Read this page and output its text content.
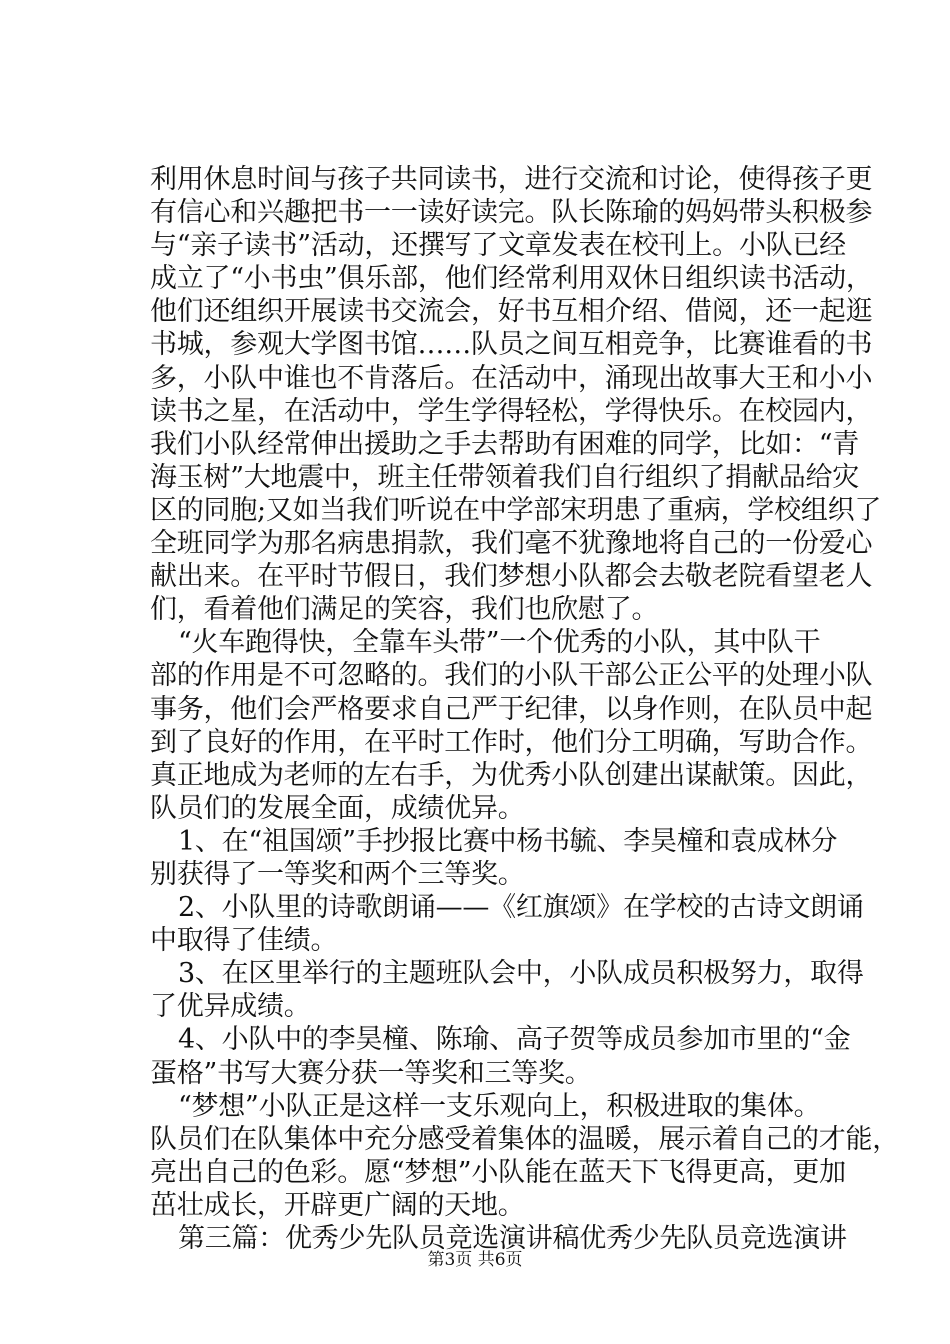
利用休息时间与孩子共同读书，进行交流和讨论，使得孩子更
有信心和兴趣把书一一读好读完。队长陈瑜的妈妈带头积极参
与“亲子读书”活动，还撰写了文章发表在校刊上。小队已经
成立了“小书虫”俱乐部，他们经常利用双休日组织读书活动，
他们还组织开展读书交流会，好书互相介绍、借阅，还一起逛
书城，参观大学图书馆……队员之间互相竞争，比赛谁看的书
多，小队中谁也不肯落后。在活动中，涌现出故事大王和小小
读书之星，在活动中，学生学得轻松，学得快乐。在校园内，
我们小队经常伸出援助之手去帮助有困难的同学，比如：“青
海玉树”大地震中，班主任带领着我们自行组织了捐献品给灾
区的同胞;又如当我们听说在中学部宋玥患了重病，学校组织了
全班同学为那名病患捐款，我们毫不犹豫地将自己的一份爱心
献出来。在平时节假日，我们梦想小队都会去敬老院看望老人
们，看着他们满足的笑容，我们也欣慰了。
“火车跑得快，全靠车头带”一个优秀的小队，其中队干
部的作用是不可忽略的。我们的小队干部公正公平的处理小队
事务，他们会严格要求自己严于纪律，以身作则，在队员中起
到了良好的作用，在平时工作时，他们分工明确，写助合作。
真正地成为老师的左右手，为优秀小队创建出谋献策。因此，
队员们的发展全面，成绩优异。
1、在“祖国颂”手抄报比赛中杨书毓、李昊橦和袁成林分
别获得了一等奖和两个三等奖。
2、小队里的诗歌朗诵——《红旗颂》在学校的古诗文朗诵
中取得了佳绩。
3、在区里举行的主题班队会中，小队成员积极努力，取得
了优异成绩。
4、小队中的李昊橦、陈瑜、高子贺等成员参加市里的“金
蛋格”书写大赛分获一等奖和三等奖。
“梦想”小队正是这样一支乐观向上，积极进取的集体。
队员们在队集体中充分感受着集体的温暖，展示着自己的才能，
亮出自己的色彩。愿“梦想”小队能在蓝天下飞得更高，更加
茁壮成长，开辟更广阔的天地。
第三篇：优秀少先队员竞选演讲稿优秀少先队员竞选演讲
第3页 共6页
